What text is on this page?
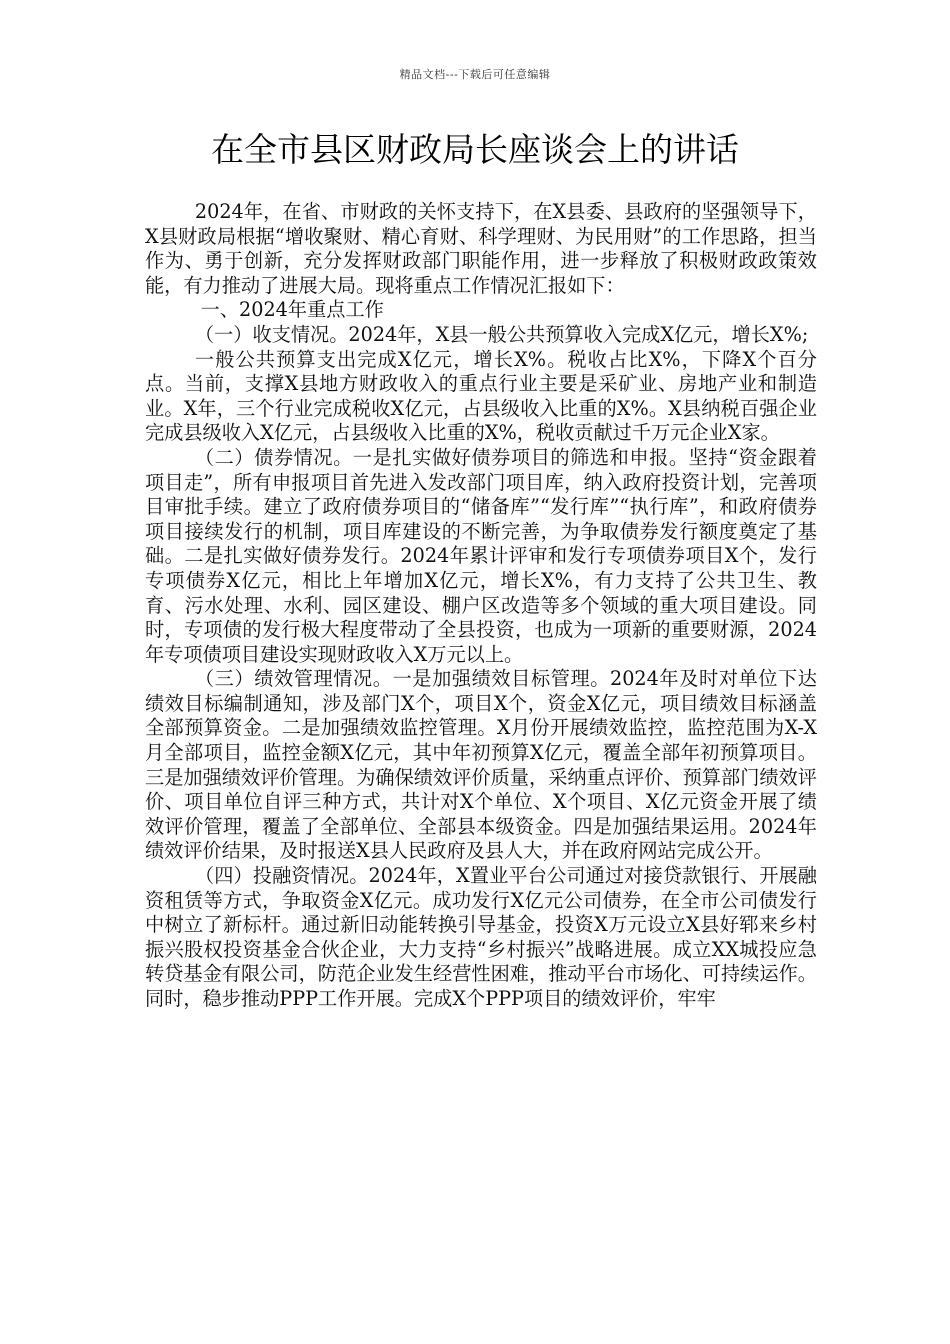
精品文档---下载后可任意编辑
在全市县区财政局长座谈会上的讲话

2024年，在省、市财政的关怀支持下，在X县委、县政府的坚强领导下，X县财政局根据“增收聚财、精心育财、科学理财、为民用财”的工作思路，担当作为、勇于创新，充分发挥财政部门职能作用，进一步释放了积极财政政策效能，有力推动了进展大局。现将重点工作情况汇报如下：

一、2024年重点工作

（一）收支情况。2024年，X县一般公共预算收入完成X亿元，增长X%;

一般公共预算支出完成X亿元，增长X%。税收占比X%，下降X个百分点。当前，支撑X县地方财政收入的重点行业主要是采矿业、房地产业和制造业。X年，三个行业完成税收X亿元，占县级收入比重的X%。X县纳税百强企业完成县级收入X亿元，占县级收入比重的X%，税收贡献过千万元企业X家。

（二）债券情况。一是扎实做好债券项目的筛选和申报。坚持“资金跟着项目走”，所有申报项目首先进入发改部门项目库，纳入政府投资计划，完善项目审批手续。建立了政府债券项目的“储备库”“发行库”“执行库”，和政府债券项目接续发行的机制，项目库建设的不断完善，为争取债券发行额度奠定了基础。二是扎实做好债券发行。2024年累计评审和发行专项债券项目X个，发行专项债券X亿元，相比上年增加X亿元，增长X%，有力支持了公共卫生、教育、污水处理、水利、园区建设、棚户区改造等多个领域的重大项目建设。同时，专项债的发行极大程度带动了全县投资，也成为一项新的重要财源，2024年专项债项目建设实现财政收入X万元以上。

（三）绩效管理情况。一是加强绩效目标管理。2024年及时对单位下达绩效目标编制通知，涉及部门X个，项目X个，资金X亿元，项目绩效目标涵盖全部预算资金。二是加强绩效监控管理。X月份开展绩效监控，监控范围为X-X月全部项目，监控金额X亿元，其中年初预算X亿元，覆盖全部年初预算项目。三是加强绩效评价管理。为确保绩效评价质量，采纳重点评价、预算部门绩效评价、项目单位自评三种方式，共计对X个单位、X个项目、X亿元资金开展了绩效评价管理，覆盖了全部单位、全部县本级资金。四是加强结果运用。2024年绩效评价结果，及时报送X县人民政府及县人大，并在政府网站完成公开。

（四）投融资情况。2024年，X置业平台公司通过对接贷款银行、开展融资租赁等方式，争取资金X亿元。成功发行X亿元公司债券，在全市公司债发行中树立了新标杆。通过新旧动能转换引导基金，投资X万元设立X县好郓来乡村振兴股权投资基金合伙企业，大力支持“乡村振兴”战略进展。成立XX城投应急转贷基金有限公司，防范企业发生经营性困难，推动平台市场化、可持续运作。同时，稳步推动PPP工作开展。完成X个PPP项目的绩效评价，牢牢
